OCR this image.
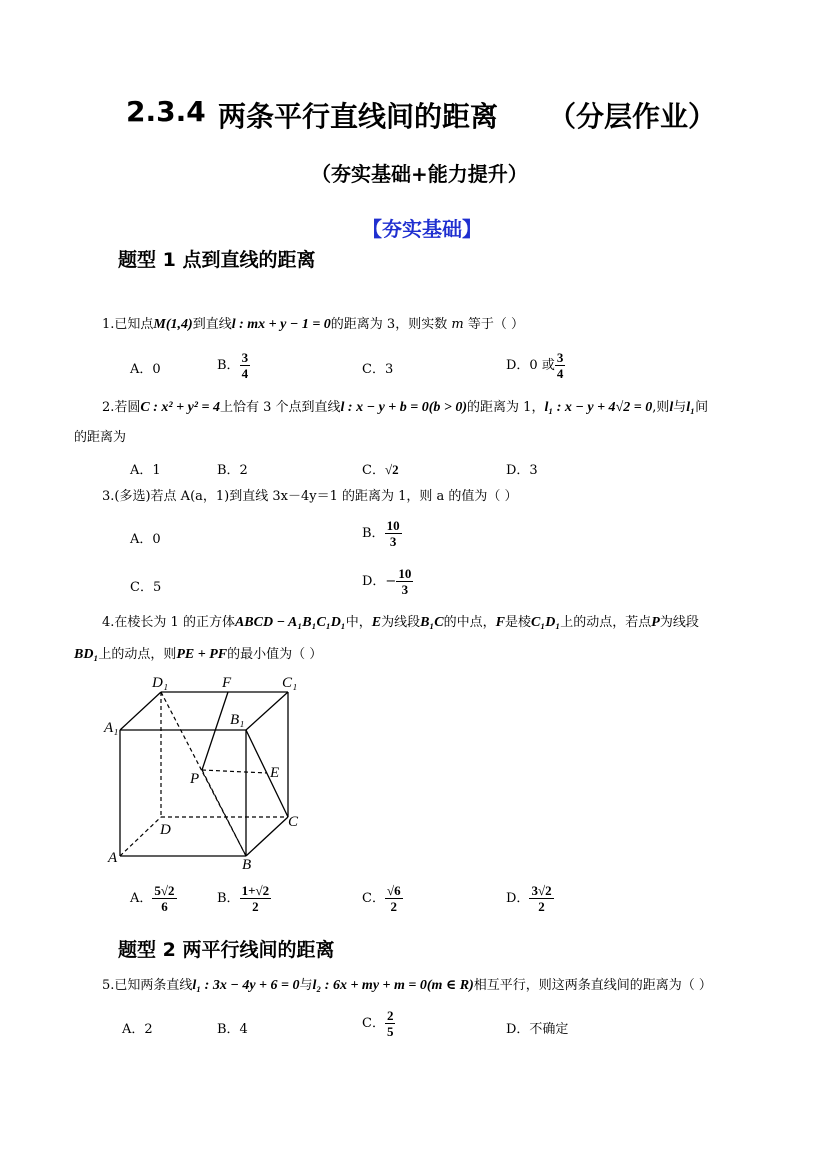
2.3.4 两条平行直线间的距离 （分层作业）
（夯实基础+能力提升）
【夯实基础】
题型 1 点到直线的距离
1.已知点M(1,4)到直线l : mx + y − 1 = 0的距离为 3，则实数 m 等于（ ）
A．0	B． $\frac{3}{4}$	C．3	D．0 或 $\frac{3}{4}$
2.若圆C : x² + y² = 4上恰有 3 个点到直线l : x − y + b = 0(b > 0)的距离为 1，l₁ : x − y + 4√2 = 0,则l与l₁间
的距离为
A．1	B．2	C．√2	D．3
3.(多选)若点 A(a，1)到直线 3x－4y＝1 的距离为 1，则 a 的值为（ ）
A．0	B． $\frac{10}{3}$
C．5	D．− $\frac{10}{3}$
4.在棱长为 1 的正方体ABCD − A₁B₁C₁D₁中，E为线段B₁C的中点，F是棱C₁D₁上的动点，若点P为线段
BD₁上的动点，则PE + PF的最小值为（ ）
D₁	F	C₁
A₁	B₁
P	E
D	C
A	B
A． $\frac{5√2}{6}$	B． $\frac{1+√2}{2}$	C． $\frac{√6}{2}$	D． $\frac{3√2}{2}$
题型 2 两平行线间的距离
5.已知两条直线l₁ : 3x − 4y + 6 = 0与l₂ : 6x + my + m = 0(m ∈ R)相互平行，则这两条直线间的距离为（ ）
A．2	B．4	C． $\frac{2}{5}$	D．不确定
